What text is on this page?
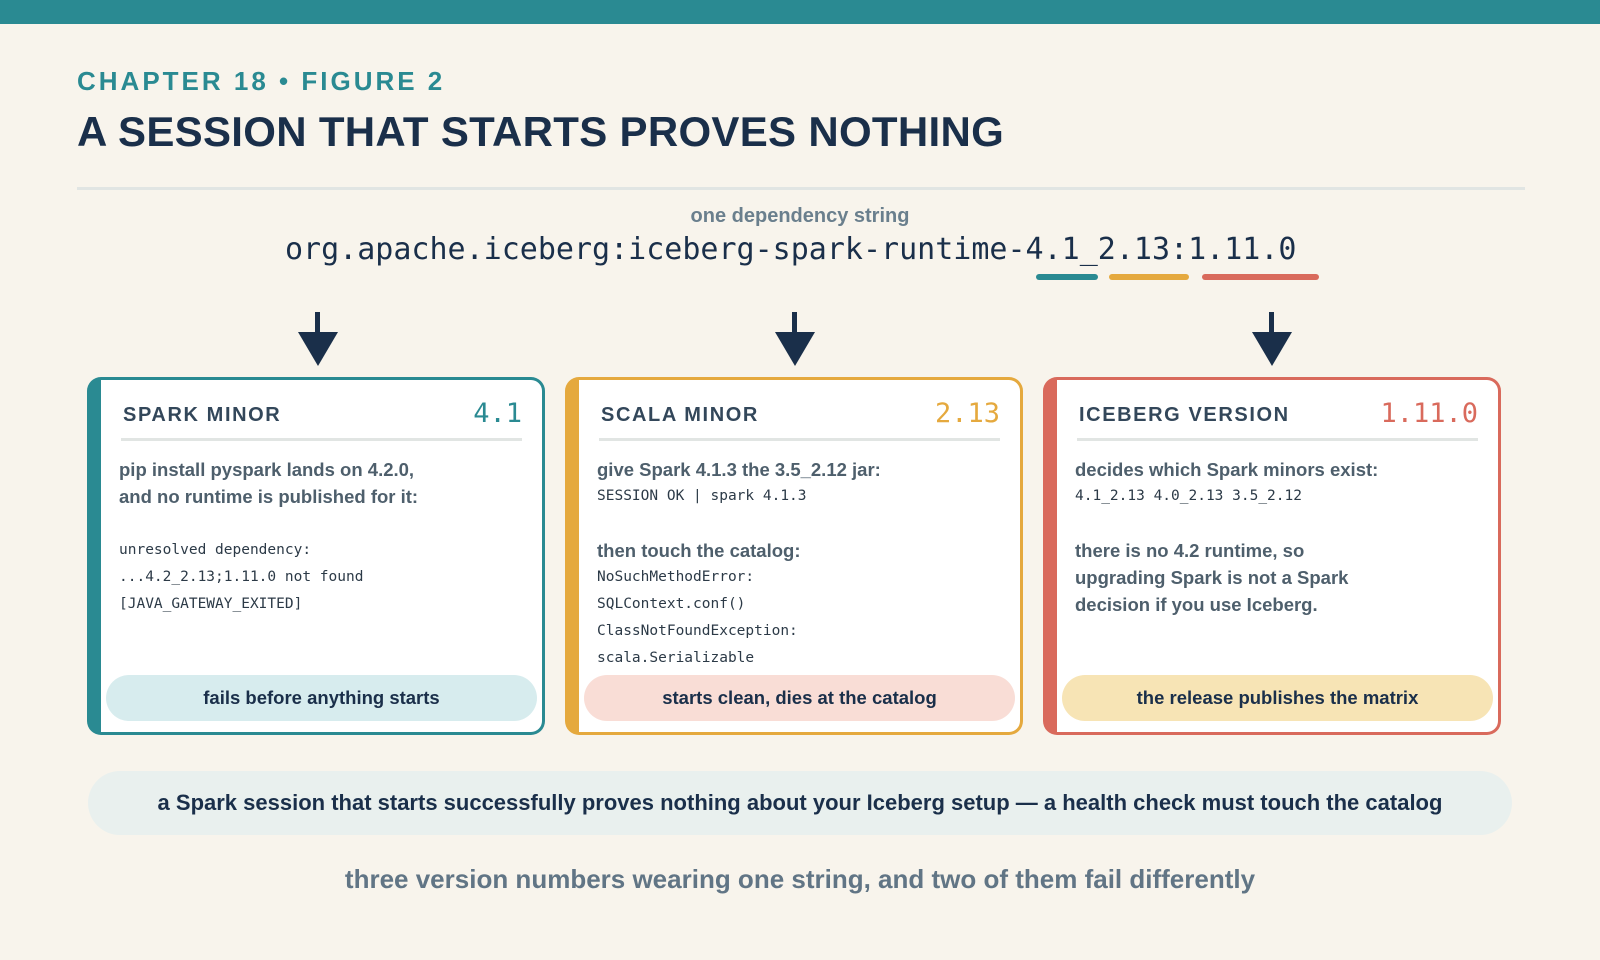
CHAPTER 18 • FIGURE 2
A SESSION THAT STARTS PROVES NOTHING
one dependency string
org.apache.iceberg:iceberg-spark-runtime-4.1_2.13:1.11.0
SPARK MINOR	4.1
pip install pyspark lands on 4.2.0,
and no runtime is published for it:
unresolved dependency:
...4.2_2.13;1.11.0 not found
[JAVA_GATEWAY_EXITED]
fails before anything starts
SCALA MINOR	2.13
give Spark 4.1.3 the 3.5_2.12 jar:
SESSION OK | spark 4.1.3
then touch the catalog:
NoSuchMethodError:
SQLContext.conf()
ClassNotFoundException:
scala.Serializable
starts clean, dies at the catalog
ICEBERG VERSION	1.11.0
decides which Spark minors exist:
4.1_2.13 4.0_2.13 3.5_2.12
there is no 4.2 runtime, so
upgrading Spark is not a Spark
decision if you use Iceberg.
the release publishes the matrix
a Spark session that starts successfully proves nothing about your Iceberg setup — a health check must touch the catalog
three version numbers wearing one string, and two of them fail differently
